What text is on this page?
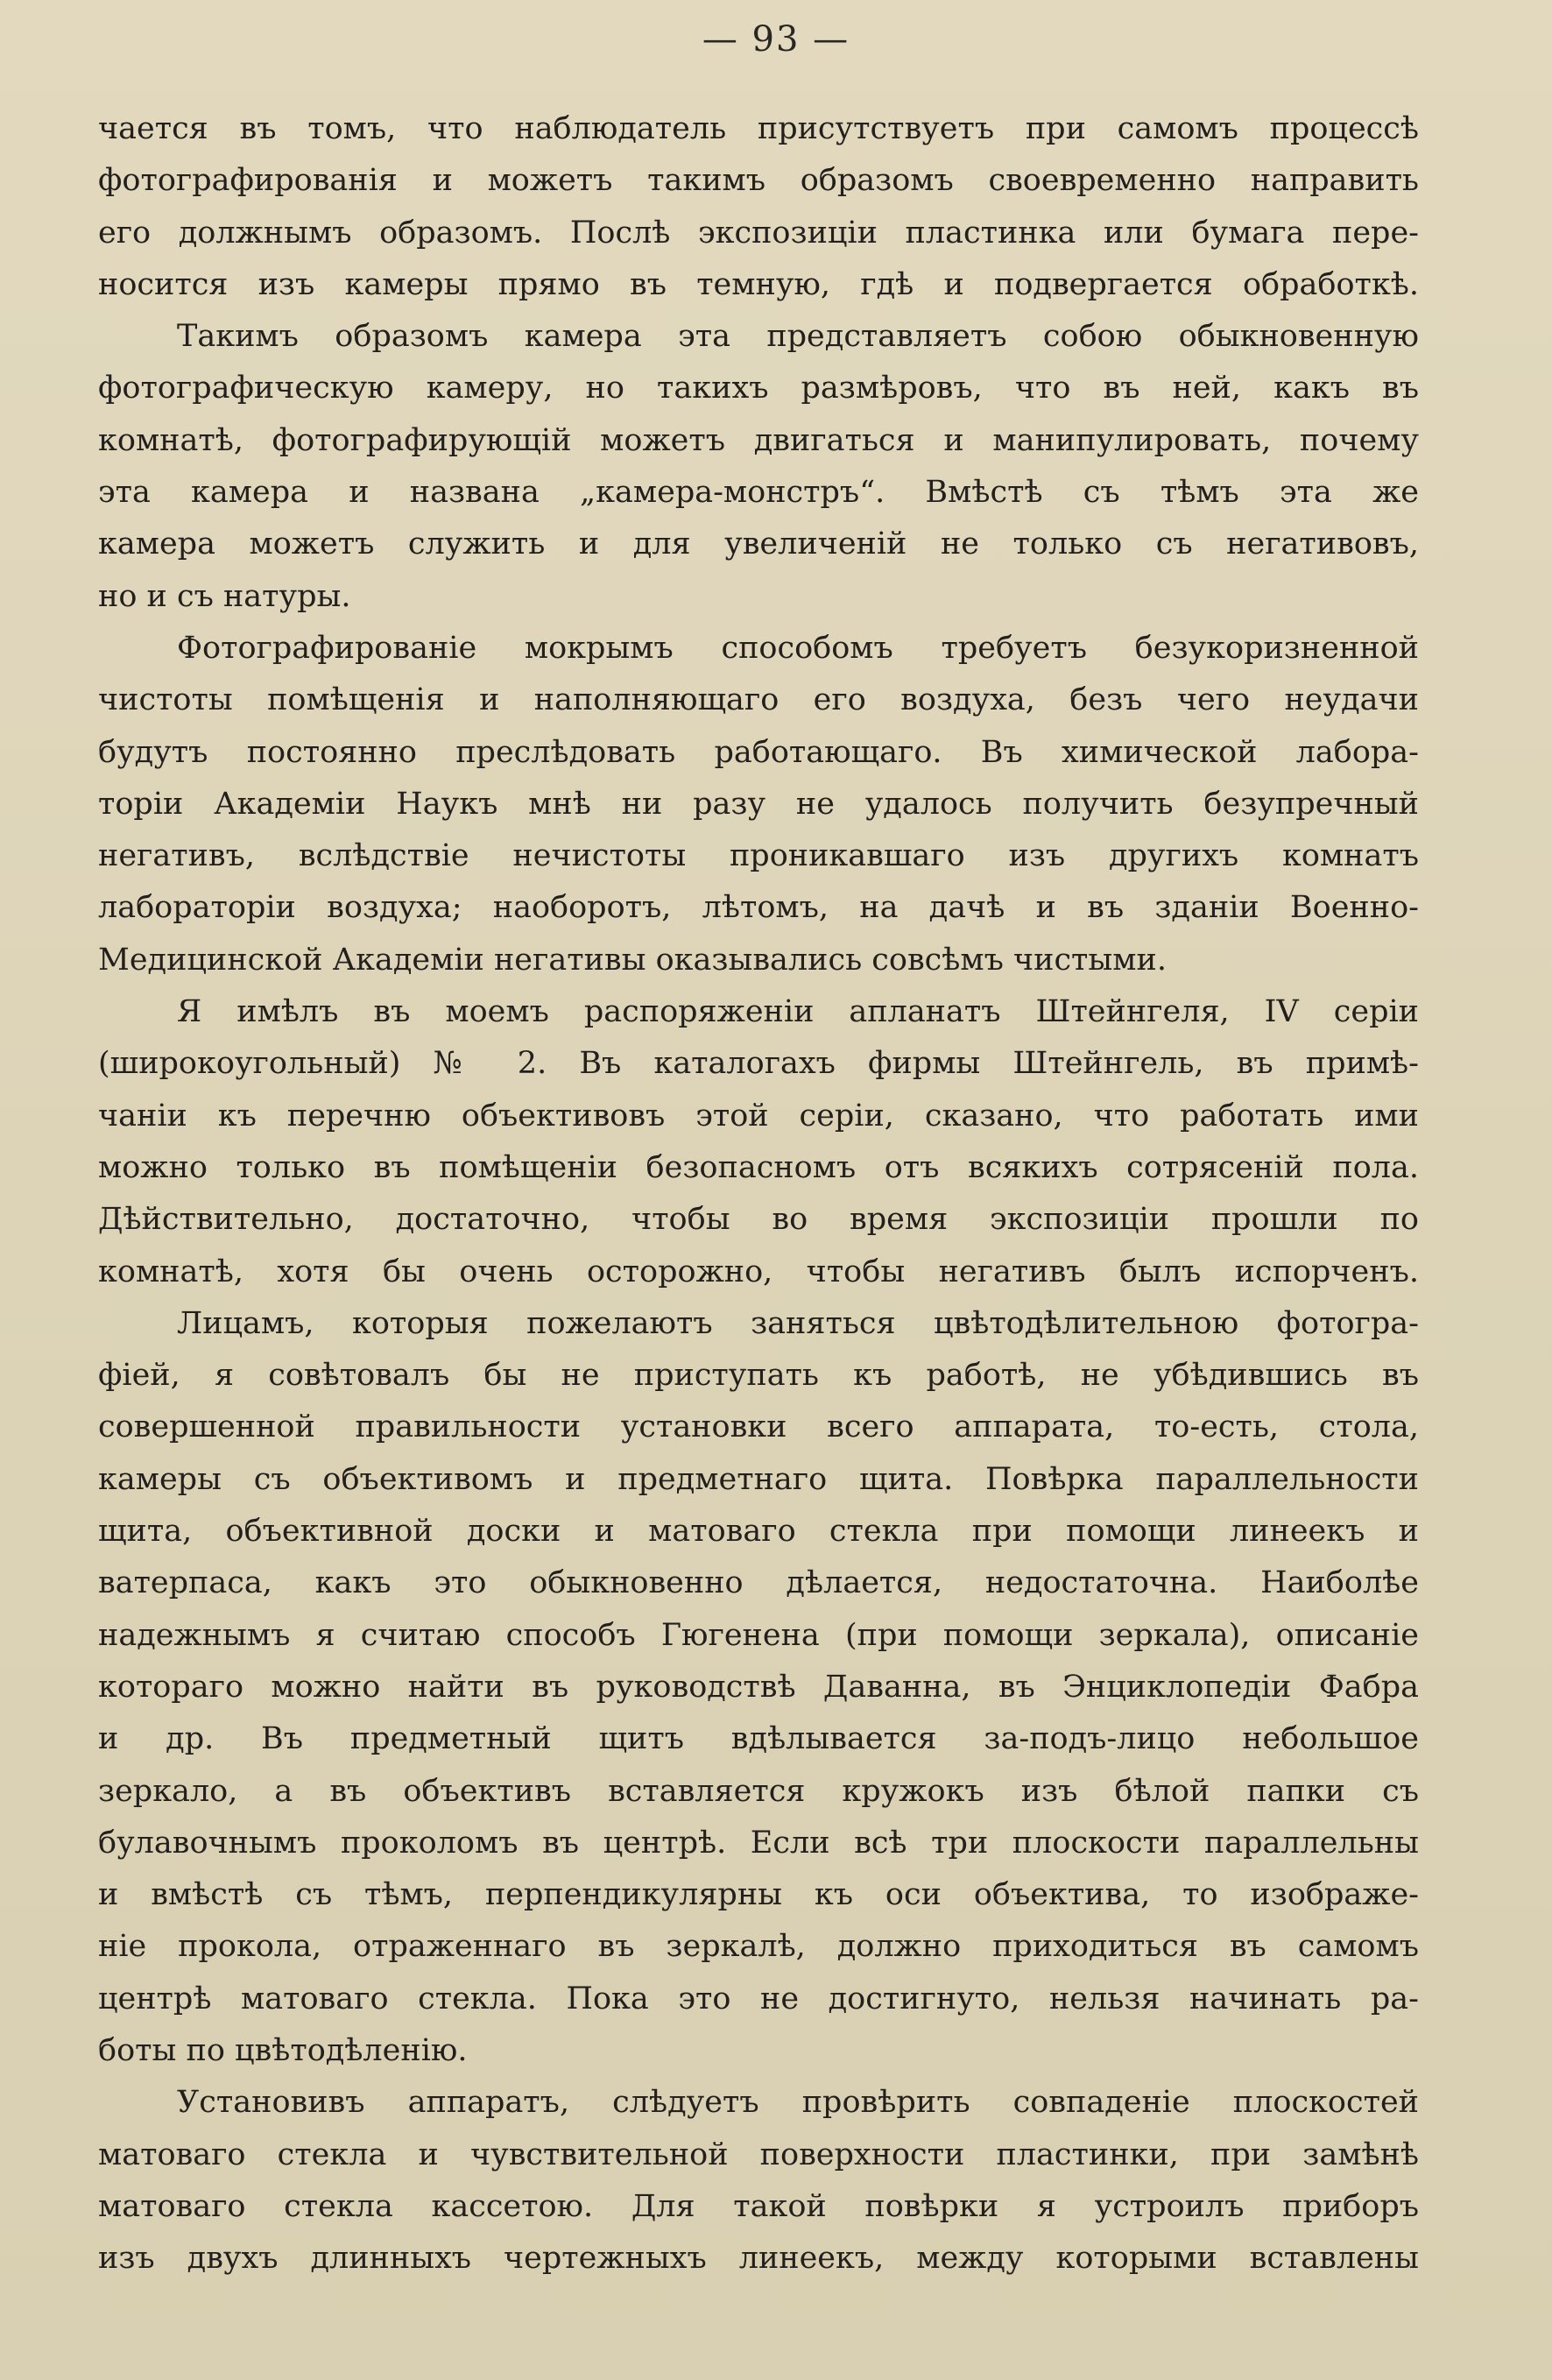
— 93 —
чается въ томъ, что наблюдатель присутствуетъ при самомъ процессѣ
фотографированія и можетъ такимъ образомъ своевременно направить
его должнымъ образомъ. Послѣ экспозиціи пластинка или бумага пере-
носится изъ камеры прямо въ темную, гдѣ и подвергается обработкѣ.
Такимъ образомъ камера эта представляетъ собою обыкновенную
фотографическую камеру, но такихъ размѣровъ, что въ ней, какъ въ
комнатѣ, фотографирующій можетъ двигаться и манипулировать, почему
эта камера и названа „камера-монстръ“. Вмѣстѣ съ тѣмъ эта же
камера можетъ служить и для увеличеній не только съ негативовъ,
но и съ натуры.
Фотографированіе мокрымъ способомъ требуетъ безукоризненной
чистоты помѣщенія и наполняющаго его воздуха, безъ чего неудачи
будутъ постоянно преслѣдовать работающаго. Въ химической лабора-
торіи Академіи Наукъ мнѣ ни разу не удалось получить безупречный
негативъ, вслѣдствіе нечистоты проникавшаго изъ другихъ комнатъ
лабораторіи воздуха; наоборотъ, лѣтомъ, на дачѣ и въ зданіи Военно-
Медицинской Академіи негативы оказывались совсѣмъ чистыми.
Я имѣлъ въ моемъ распоряженіи апланатъ Штейнгеля, IV серіи
(широкоугольный) № 2. Въ каталогахъ фирмы Штейнгель, въ примѣ-
чаніи къ перечню объективовъ этой серіи, сказано, что работать ими
можно только въ помѣщеніи безопасномъ отъ всякихъ сотрясеній пола.
Дѣйствительно, достаточно, чтобы во время экспозиціи прошли по
комнатѣ, хотя бы очень осторожно, чтобы негативъ былъ испорченъ.
Лицамъ, которыя пожелаютъ заняться цвѣтодѣлительною фотогра-
фіей, я совѣтовалъ бы не приступать къ работѣ, не убѣдившись въ
совершенной правильности установки всего аппарата, то-есть, стола,
камеры съ объективомъ и предметнаго щита. Повѣрка параллельности
щита, объективной доски и матоваго стекла при помощи линеекъ и
ватерпаса, какъ это обыкновенно дѣлается, недостаточна. Наиболѣе
надежнымъ я считаю способъ Гюгенена (при помощи зеркала), описаніе
котораго можно найти въ руководствѣ Даванна, въ Энциклопедіи Фабра
и др. Въ предметный щитъ вдѣлывается за-подъ-лицо небольшое
зеркало, а въ объективъ вставляется кружокъ изъ бѣлой папки съ
булавочнымъ проколомъ въ центрѣ. Если всѣ три плоскости параллельны
и вмѣстѣ съ тѣмъ, перпендикулярны къ оси объектива, то изображе-
ніе прокола, отраженнаго въ зеркалѣ, должно приходиться въ самомъ
центрѣ матоваго стекла. Пока это не достигнуто, нельзя начинать ра-
боты по цвѣтодѣленію.
Установивъ аппаратъ, слѣдуетъ провѣрить совпаденіе плоскостей
матоваго стекла и чувствительной поверхности пластинки, при замѣнѣ
матоваго стекла кассетою. Для такой повѣрки я устроилъ приборъ
изъ двухъ длинныхъ чертежныхъ линеекъ, между которыми вставлены
